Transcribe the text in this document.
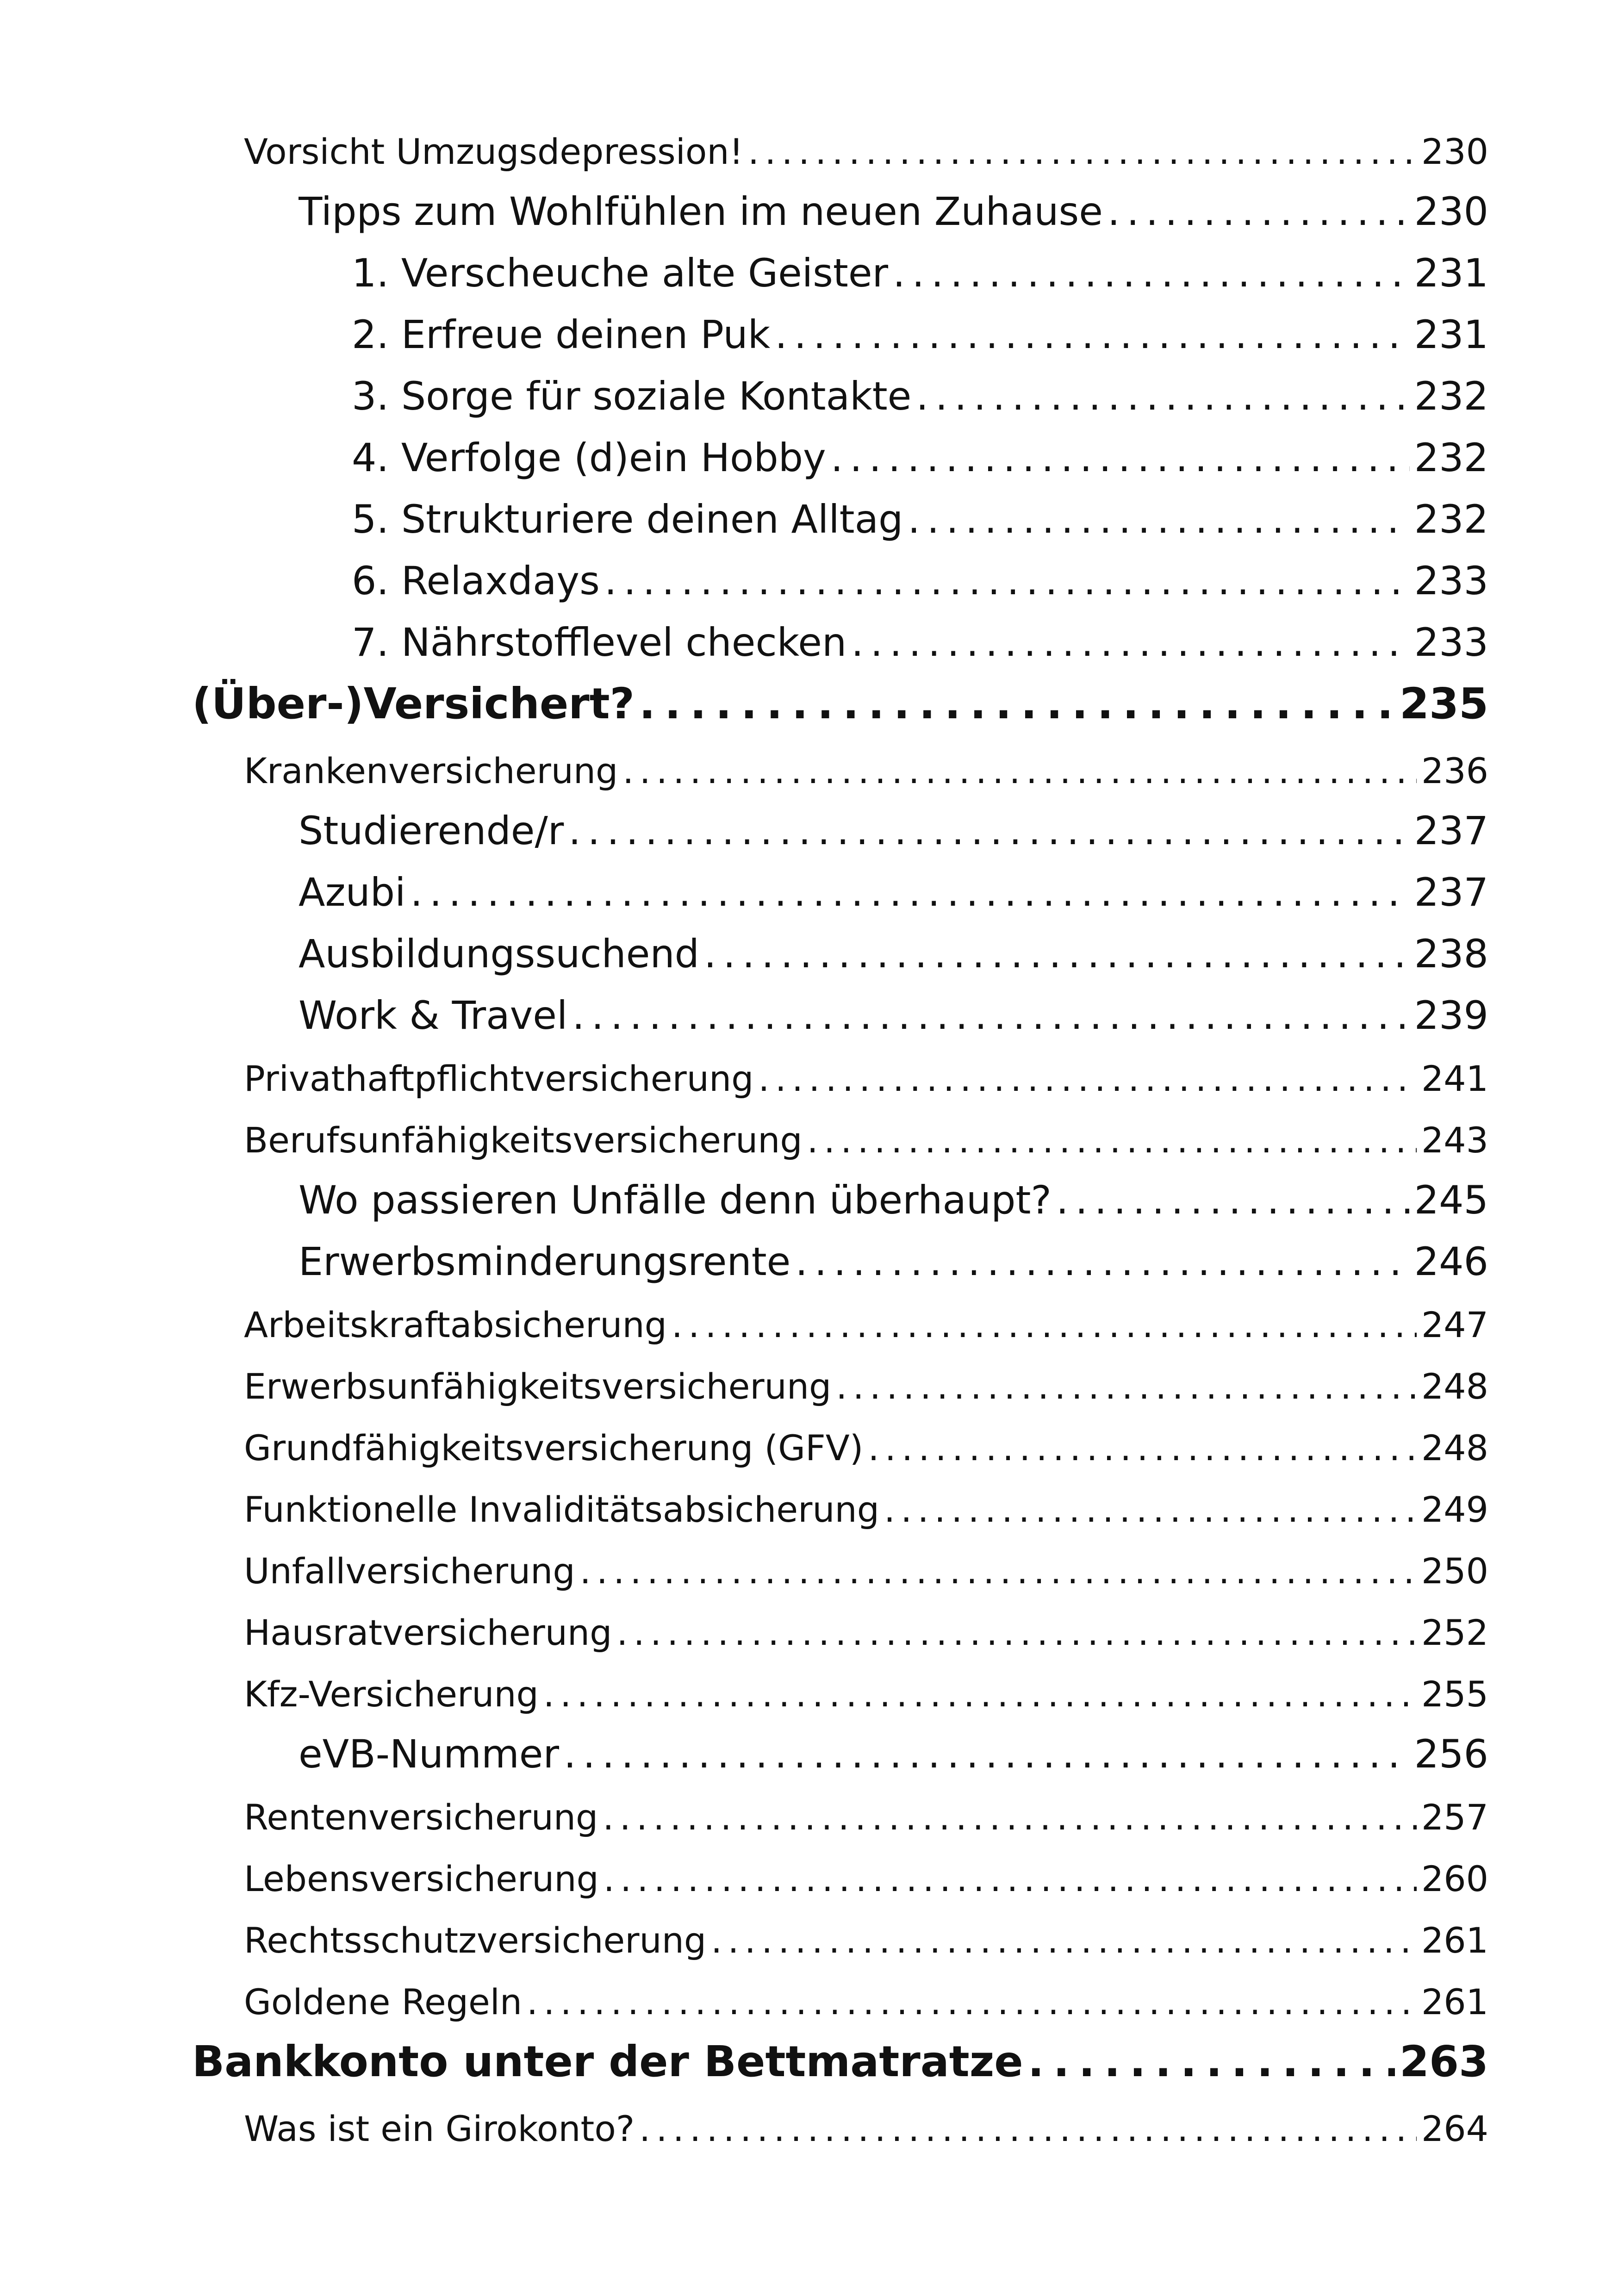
Vorsicht Umzugsdepression! . . .	230
Tipps zum Wohlfühlen im neuen Zuhause . . .	230
1. Verscheuche alte Geister . . .	231
2. Erfreue deinen Puk . . .	231
3. Sorge für soziale Kontakte . . .	232
4. Verfolge (d)ein Hobby . . .	232
5. Strukturiere deinen Alltag . . .	232
6. Relaxdays . . .	233
7. Nährstofflevel checken . . .	233
(Über-)Versichert? . . .	235
Krankenversicherung . . .	236
Studierende/r . . .	237
Azubi . . .	237
Ausbildungssuchend . . .	238
Work & Travel . . .	239
Privathaftpflichtversicherung . . .	241
Berufsunfähigkeitsversicherung . . .	243
Wo passieren Unfälle denn überhaupt? . . .	245
Erwerbsminderungsrente . . .	246
Arbeitskraftabsicherung . . .	247
Erwerbsunfähigkeitsversicherung . . .	248
Grundfähigkeitsversicherung (GFV) . . .	248
Funktionelle Invaliditätsabsicherung . . .	249
Unfallversicherung . . .	250
Hausratversicherung . . .	252
Kfz-Versicherung . . .	255
eVB-Nummer . . .	256
Rentenversicherung . . .	257
Lebensversicherung . . .	260
Rechtsschutzversicherung . . .	261
Goldene Regeln . . .	261
Bankkonto unter der Bettmatratze . . .	263
Was ist ein Girokonto? . . .	264
